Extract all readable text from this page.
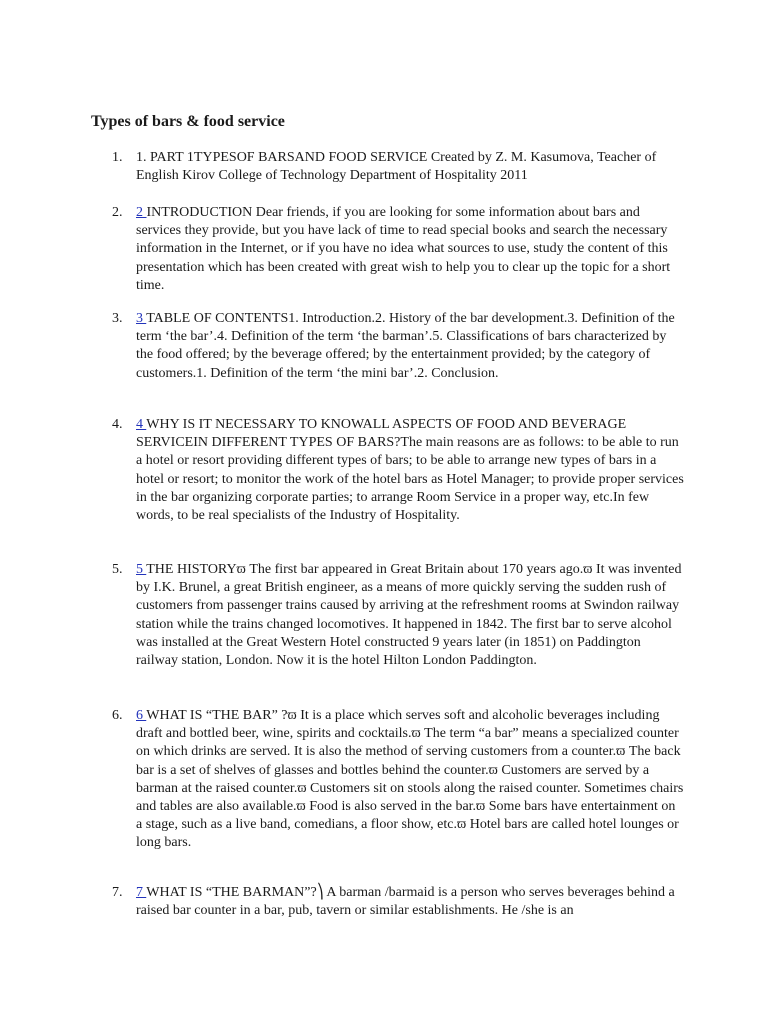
Types of bars & food service
1. 1. PART 1TYPESOF BARSAND FOOD SERVICE Created by Z. M. Kasumova, Teacher of English Kirov College of Technology Department of Hospitality 2011
2. 2 INTRODUCTION Dear friends, if you are looking for some information about bars and services they provide, but you have lack of time to read special books and search the necessary information in the Internet, or if you have no idea what sources to use, study the content of this presentation which has been created with great wish to help you to clear up the topic for a short time.
3. 3 TABLE OF CONTENTS1. Introduction.2. History of the bar development.3. Definition of the term ‘the bar’.4. Definition of the term ‘the barman’.5. Classifications of bars characterized by the food offered; by the beverage offered; by the entertainment provided; by the category of customers.1. Definition of the term ‘the mini bar’.2. Conclusion.
4. 4 WHY IS IT NECESSARY TO KNOWALL ASPECTS OF FOOD AND BEVERAGE SERVICEIN DIFFERENT TYPES OF BARS?The main reasons are as follows: to be able to run a hotel or resort providing different types of bars; to be able to arrange new types of bars in a hotel or resort; to monitor the work of the hotel bars as Hotel Manager; to provide proper services in the bar organizing corporate parties; to arrange Room Service in a proper way, etc.In few words, to be real specialists of the Industry of Hospitality.
5. 5 THE HISTORYϖ The first bar appeared in Great Britain about 170 years ago.ϖ It was invented by I.K. Brunel, a great British engineer, as a means of more quickly serving the sudden rush of customers from passenger trains caused by arriving at the refreshment rooms at Swindon railway station while the trains changed locomotives. It happened in 1842. The first bar to serve alcohol was installed at the Great Western Hotel constructed 9 years later (in 1851) on Paddington railway station, London. Now it is the hotel Hilton London Paddington.
6. 6 WHAT IS “THE BAR” ?ϖ It is a place which serves soft and alcoholic beverages including draft and bottled beer, wine, spirits and cocktails.ϖ The term “a bar” means a specialized counter on which drinks are served. It is also the method of serving customers from a counter.ϖ The back bar is a set of shelves of glasses and bottles behind the counter.ϖ Customers are served by a barman at the raised counter.ϖ Customers sit on stools along the raised counter. Sometimes chairs and tables are also available.ϖ Food is also served in the bar.ϖ Some bars have entertainment on a stage, such as a live band, comedians, a floor show, etc.ϖ Hotel bars are called hotel lounges or long bars.
7. 7 WHAT IS “THE BARMAN”?⎞ A barman /barmaid is a person who serves beverages behind a raised bar counter in a bar, pub, tavern or similar establishments. He /she is an
